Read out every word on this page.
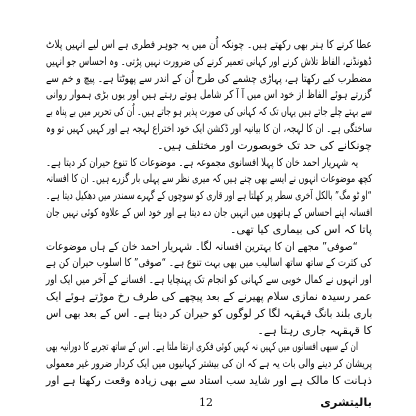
عطا کرنے کا ہنر بھی رکھتے ہیں۔ چونکہ اُن میں یہ جوہر فطری ہے اس لیے انہیں پلاٹ
ڈھونڈنے، الفاظ تلاش کرنے اور کہانی تعمیر کرنے کی ضرورت نہیں پڑتی۔ وہ احساس جو انہیں
مضطرب کیے رکھتا ہے، پہاڑی چشمے کی طرح اُن کے اندر سے پھوٹتا ہے۔ پیچ و خم سے
گزرتے ہوئے الفاظ از خود اس میں آ آ کر شامل ہوتے رہتے ہیں اور یوں بڑی ہموار روانی
سے بہتے چلے جاتے ہیں یہاں تک کہ کہانی کی صورت پذیر ہو جاتے ہیں۔ اُن کی تحریر میں بے پناہ بے
ساختگی ہے۔ ان کا لہجہ، ان کا بیانیہ اور ڈکشن ایک خود اختراع لہجہ ہے اور کہیں کہیں تو وہ
چونکانے کی حد تک خوبصورت اور مختلف ہیں۔
یہ شہریار احمد خان کا پہلا افسانوی مجموعہ ہے۔ موضوعات کا تنوع حیران کر دیتا ہے۔
کچھ موضوعات انہوں نے ایسے بھی چنے ہیں کہ میری نظر سے پہلی بار گزرے ہیں۔ ان کا افسانہ
“او ٹو مگ” بالکل آخری سطر پر کھلتا ہے اور قاری کو سوچوں کے گہرے سمندر میں دھکیل دیتا ہے۔
افسانہ اپنے احساس کے ہاتھوں میں انہیں جان دے دیتا ہے اور خود اس کے علاوہ کوئی نہیں جان
پاتا کہ اس کی بیماری کیا تھی۔
“صوفی” مجھے ان کا بہترین افسانہ لگا۔ شہریار احمد خان کے ہاں موضوعات
کی کثرت کے ساتھ ساتھ اسالیب میں بھی بہت تنوع ہے۔ “صوفی” کا اسلوب حیران کن ہے
اور انہوں نے کمال خوبی سے کہانی کو انجام تک پہنچایا ہے۔ افسانے کے آخر میں ایک اور
عمر رسیدہ نمازی سلام پھیرنے کے بعد پیچھے کی طرف رخ موڑتے ہوئے ایک
باری بلند بانگ قہقہہ لگا کر لوگوں کو حیران کر دیتا ہے۔ اس کے بعد بھی اس
کا قہقہہ جاری رہتا ہے۔
ان کے سبھی افسانوں میں کہیں نہ کہیں کوئی فکری ارتقا ملتا ہے۔ اس کے ساتھ تجربے کا دورانیہ بھی
پریشان کر دینے والی بات یہ ہے کہ ان کی بیشتر کہانیوں میں ایک کردار ضرور غیر معمولی
ذہانت کا مالک ہے اور شاید سب استاد سے بھی زیادہ وقعت رکھتا ہے اور
12	بالیتشری
